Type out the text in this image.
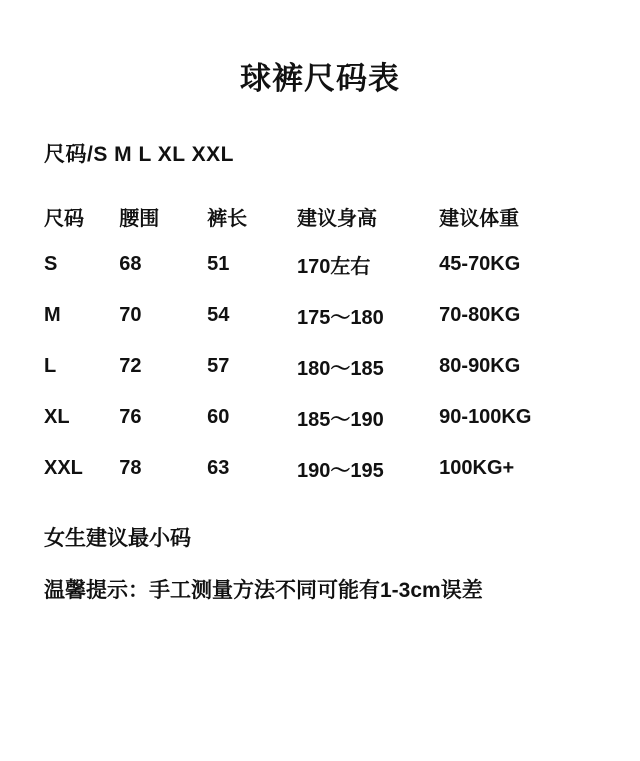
球裤尺码表
尺码/S M L XL XXL
尺码	腰围	裤长	建议身高	建议体重
S	68	51	170左右	45-70KG
M	70	54	175～180	70-80KG
L	72	57	180～185	80-90KG
XL	76	60	185～190	90-100KG
XXL	78	63	190～195	100KG+
女生建议最小码
温馨提示：手工测量方法不同可能有1-3cm误差
